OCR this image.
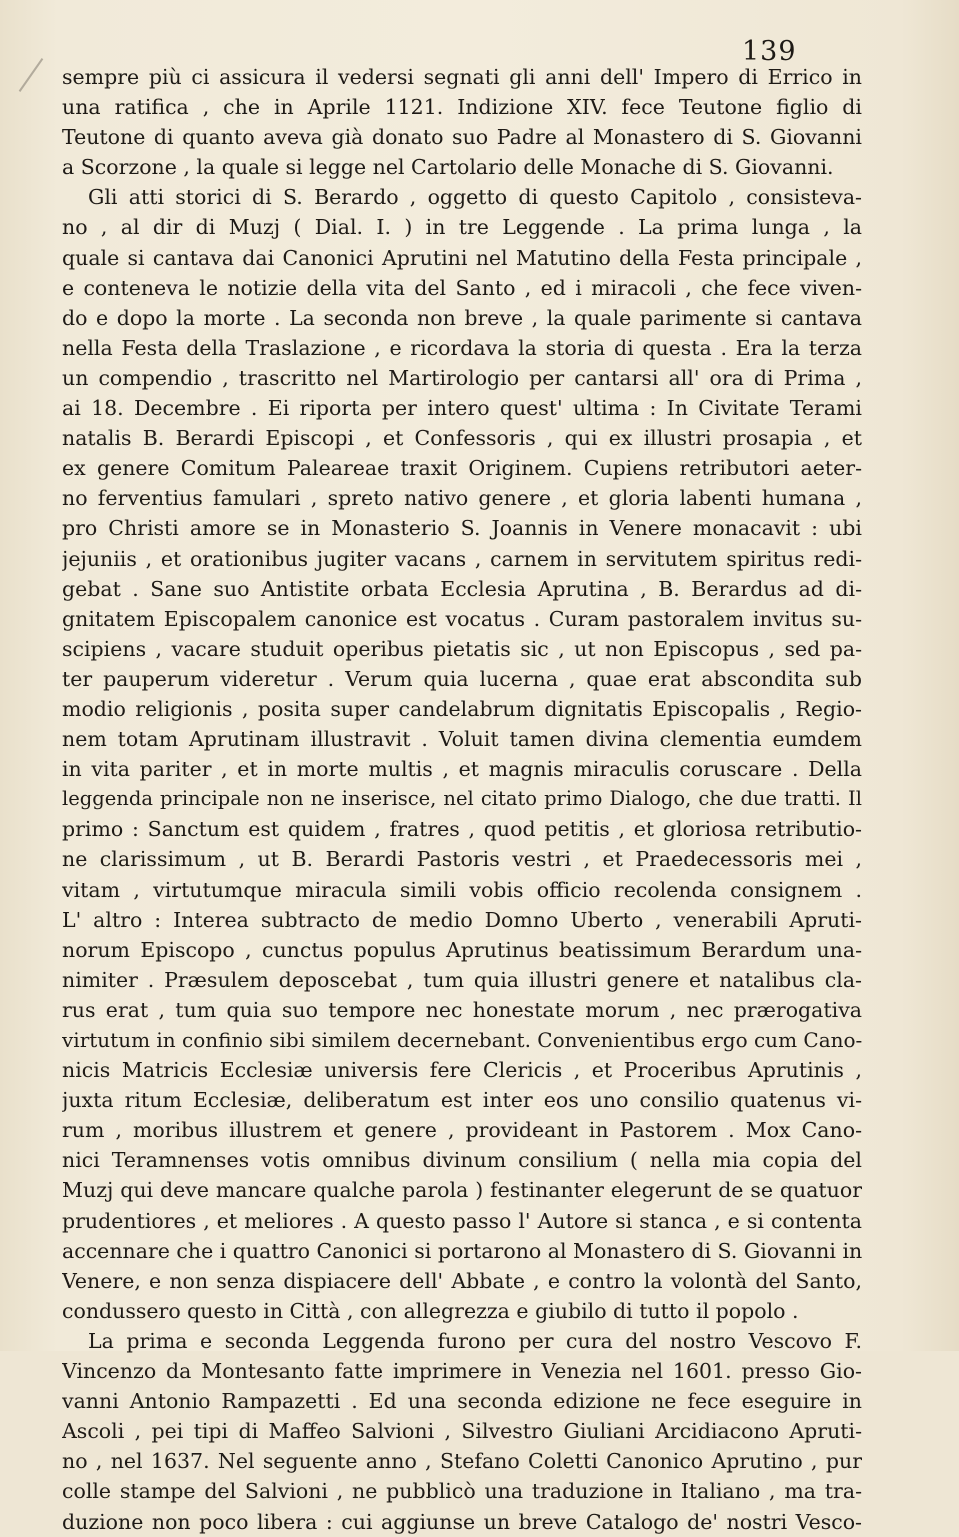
139
sempre più ci assicura il vedersi segnati gli anni dell' Impero di Errico in
una ratifica , che in Aprile 1121. Indizione XIV. fece Teutone figlio di
Teutone di quanto aveva già donato suo Padre al Monastero di S. Giovanni
a Scorzone , la quale si legge nel Cartolario delle Monache di S. Giovanni.
Gli atti storici di S. Berardo , oggetto di questo Capitolo , consisteva-
no , al dir di Muzj ( Dial. I. ) in tre Leggende . La prima lunga , la
quale si cantava dai Canonici Aprutini nel Matutino della Festa principale ,
e conteneva le notizie della vita del Santo , ed i miracoli , che fece viven-
do e dopo la morte . La seconda non breve , la quale parimente si cantava
nella Festa della Traslazione , e ricordava la storia di questa . Era la terza
un compendio , trascritto nel Martirologio per cantarsi all' ora di Prima ,
ai 18. Decembre . Ei riporta per intero quest' ultima : In Civitate Terami
natalis B. Berardi Episcopi , et Confessoris , qui ex illustri prosapia , et
ex genere Comitum Paleareae traxit Originem. Cupiens retributori aeter-
no ferventius famulari , spreto nativo genere , et gloria labenti humana ,
pro Christi amore se in Monasterio S. Joannis in Venere monacavit : ubi
jejuniis , et orationibus jugiter vacans , carnem in servitutem spiritus redi-
gebat . Sane suo Antistite orbata Ecclesia Aprutina , B. Berardus ad di-
gnitatem Episcopalem canonice est vocatus . Curam pastoralem invitus su-
scipiens , vacare studuit operibus pietatis sic , ut non Episcopus , sed pa-
ter pauperum videretur . Verum quia lucerna , quae erat abscondita sub
modio religionis , posita super candelabrum dignitatis Episcopalis , Regio-
nem totam Aprutinam illustravit . Voluit tamen divina clementia eumdem
in vita pariter , et in morte multis , et magnis miraculis coruscare . Della
leggenda principale non ne inserisce, nel citato primo Dialogo, che due tratti. Il
primo : Sanctum est quidem , fratres , quod petitis , et gloriosa retributio-
ne clarissimum , ut B. Berardi Pastoris vestri , et Praedecessoris mei ,
vitam , virtutumque miracula simili vobis officio recolenda consignem .
L' altro : Interea subtracto de medio Domno Uberto , venerabili Apruti-
norum Episcopo , cunctus populus Aprutinus beatissimum Berardum una-
nimiter . Præsulem deposcebat , tum quia illustri genere et natalibus cla-
rus erat , tum quia suo tempore nec honestate morum , nec prærogativa
virtutum in confinio sibi similem decernebant. Convenientibus ergo cum Cano-
nicis Matricis Ecclesiæ universis fere Clericis , et Proceribus Aprutinis ,
juxta ritum Ecclesiæ, deliberatum est inter eos uno consilio quatenus vi-
rum , moribus illustrem et genere , provideant in Pastorem . Mox Cano-
nici Teramnenses votis omnibus divinum consilium ( nella mia copia del
Muzj qui deve mancare qualche parola ) festinanter elegerunt de se quatuor
prudentiores , et meliores . A questo passo l' Autore si stanca , e si contenta
accennare che i quattro Canonici si portarono al Monastero di S. Giovanni in
Venere, e non senza dispiacere dell' Abbate , e contro la volontà del Santo,
condussero questo in Città , con allegrezza e giubilo di tutto il popolo .
La prima e seconda Leggenda furono per cura del nostro Vescovo F.
Vincenzo da Montesanto fatte imprimere in Venezia nel 1601. presso Gio-
vanni Antonio Rampazetti . Ed una seconda edizione ne fece eseguire in
Ascoli , pei tipi di Maffeo Salvioni , Silvestro Giuliani Arcidiacono Apruti-
no , nel 1637. Nel seguente anno , Stefano Coletti Canonico Aprutino , pur
colle stampe del Salvioni , ne pubblicò una traduzione in Italiano , ma tra-
duzione non poco libera : cui aggiunse un breve Catalogo de' nostri Vesco-
